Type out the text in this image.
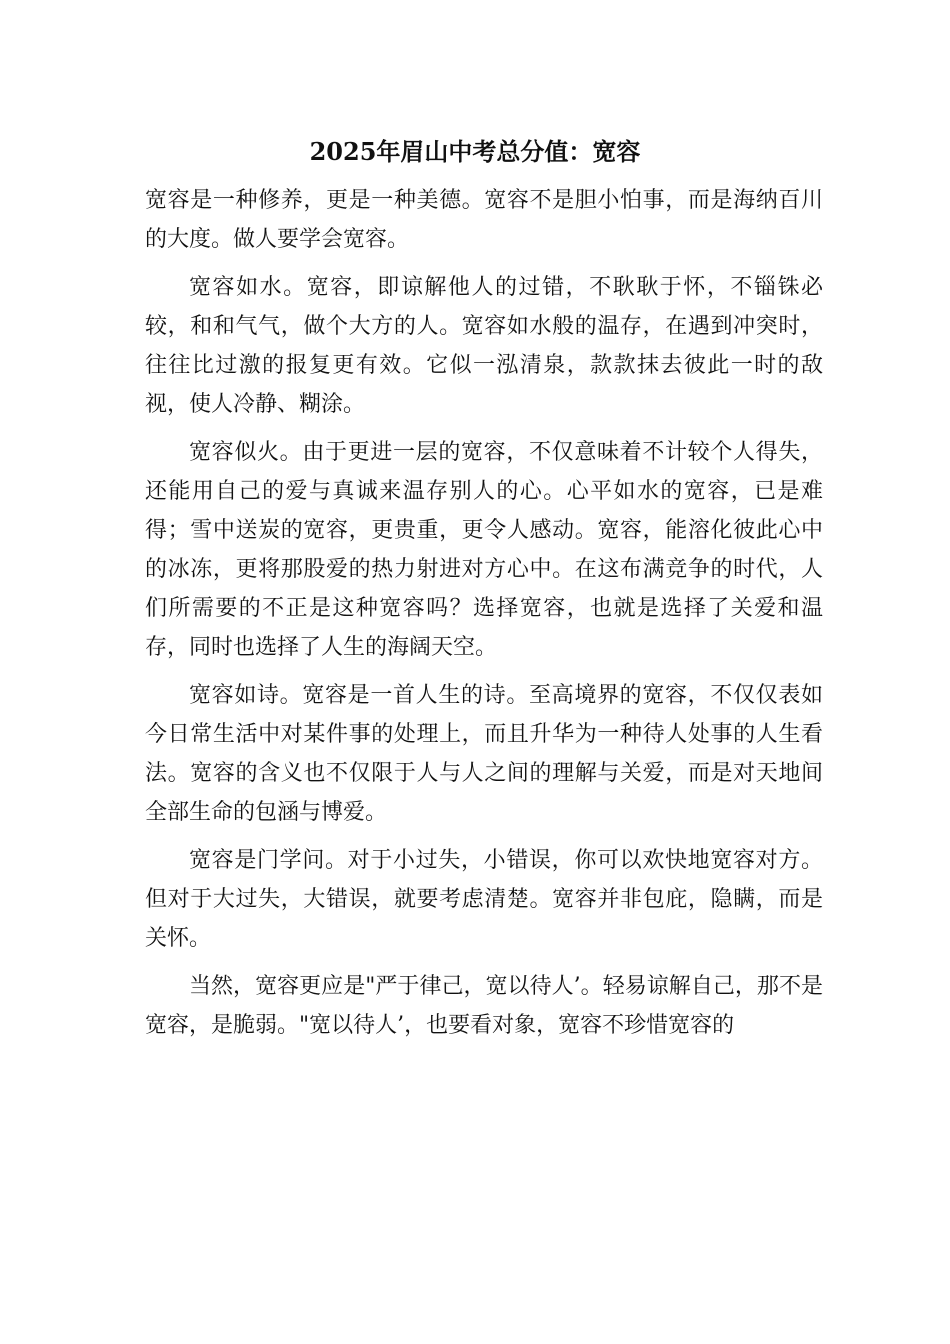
2025年眉山中考总分值：宽容

宽容是一种修养，更是一种美德。宽容不是胆小怕事，而是海纳百川的大度。做人要学会宽容。

宽容如水。宽容，即谅解他人的过错，不耿耿于怀，不锱铢必较，和和气气，做个大方的人。宽容如水般的温存，在遇到冲突时，往往比过激的报复更有效。它似一泓清泉，款款抹去彼此一时的敌视，使人冷静、糊涂。

宽容似火。由于更进一层的宽容，不仅意味着不计较个人得失，还能用自己的爱与真诚来温存别人的心。心平如水的宽容，已是难得；雪中送炭的宽容，更贵重，更令人感动。宽容，能溶化彼此心中的冰冻，更将那股爱的热力射进对方心中。在这布满竞争的时代，人们所需要的不正是这种宽容吗？选择宽容，也就是选择了关爱和温存，同时也选择了人生的海阔天空。

宽容如诗。宽容是一首人生的诗。至高境界的宽容，不仅仅表如今日常生活中对某件事的处理上，而且升华为一种待人处事的人生看法。宽容的含义也不仅限于人与人之间的理解与关爱，而是对天地间全部生命的包涵与博爱。

宽容是门学问。对于小过失，小错误，你可以欢快地宽容对方。但对于大过失，大错误，就要考虑清楚。宽容并非包庇，隐瞒，而是关怀。

当然，宽容更应是"严于律己，宽以待人’。轻易谅解自己，那不是宽容，是脆弱。"宽以待人’，也要看对象，宽容不珍惜宽容的
